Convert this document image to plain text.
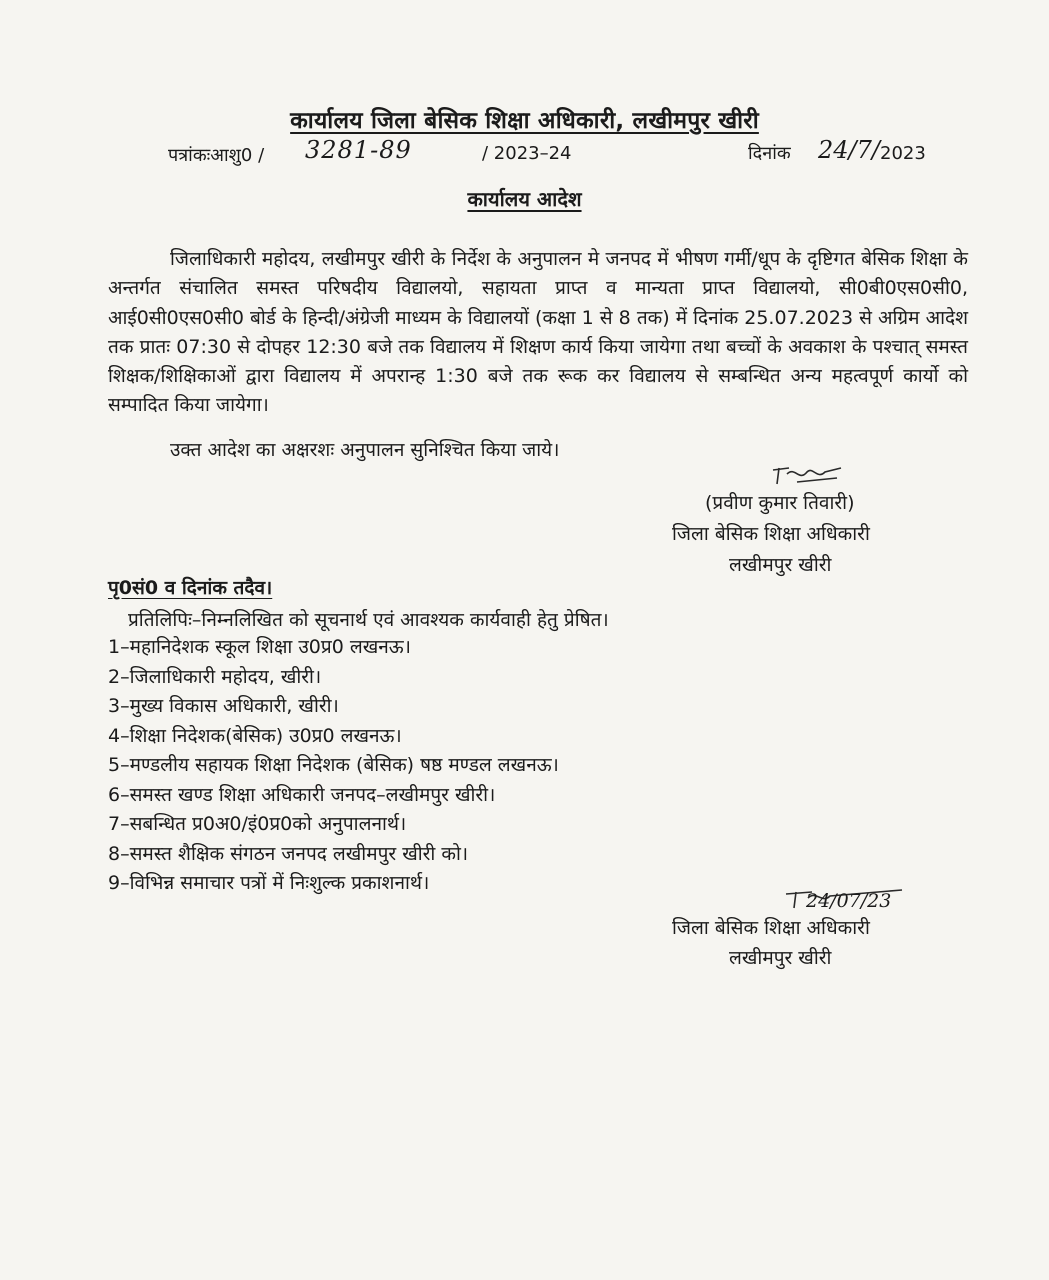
कार्यालय जिला बेसिक शिक्षा अधिकारी, लखीमपुर खीरी
पत्रांकःआशु0 / 3281-89	/ 2023–24	दिनांक 24/7/ 2023
कार्यालय आदेश

जिलाधिकारी महोदय, लखीमपुर खीरी के निर्देश के अनुपालन मे जनपद में भीषण गर्मी/धूप के दृष्टिगत बेसिक शिक्षा के अन्तर्गत संचालित समस्त परिषदीय विद्यालयो, सहायता प्राप्त व मान्यता प्राप्त विद्यालयो, सी0बी0एस0सी0, आई0सी0एस0सी0 बोर्ड के हिन्दी/अंग्रेजी माध्यम के विद्यालयों (कक्षा 1 से 8 तक) में दिनांक 25.07.2023 से अग्रिम आदेश तक प्रातः 07:30 से दोपहर 12:30 बजे तक विद्यालय में शिक्षण कार्य किया जायेगा तथा बच्चों के अवकाश के पश्चात् समस्त शिक्षक/शिक्षिकाओं द्वारा विद्यालय में अपरान्ह 1:30 बजे तक रूक कर विद्यालय से सम्बन्धित अन्य महत्वपूर्ण कार्यो को सम्पादित किया जायेगा।

उक्त आदेश का अक्षरशः अनुपालन सुनिश्चित किया जाये।
(प्रवीण कुमार तिवारी)
जिला बेसिक शिक्षा अधिकारी
लखीमपुर खीरी
पृ0सं0 व दिनांक तदैव।
प्रतिलिपिः–निम्नलिखित को सूचनार्थ एवं आवश्यक कार्यवाही हेतु प्रेषित।
1–महानिदेशक स्कूल शिक्षा उ0प्र0 लखनऊ।
2–जिलाधिकारी महोदय, खीरी।
3–मुख्य विकास अधिकारी, खीरी।
4–शिक्षा निदेशक(बेसिक) उ0प्र0 लखनऊ।
5–मण्डलीय सहायक शिक्षा निदेशक (बेसिक) षष्ठ मण्डल लखनऊ।
6–समस्त खण्ड शिक्षा अधिकारी जनपद–लखीमपुर खीरी।
7–सबन्धित प्र0अ0/इं0प्र0को अनुपालनार्थ।
8–समस्त शैक्षिक संगठन जनपद लखीमपुर खीरी को।
9–विभिन्न समाचार पत्रों में निःशुल्क प्रकाशनार्थ।
24/07/23
जिला बेसिक शिक्षा अधिकारी
लखीमपुर खीरी
